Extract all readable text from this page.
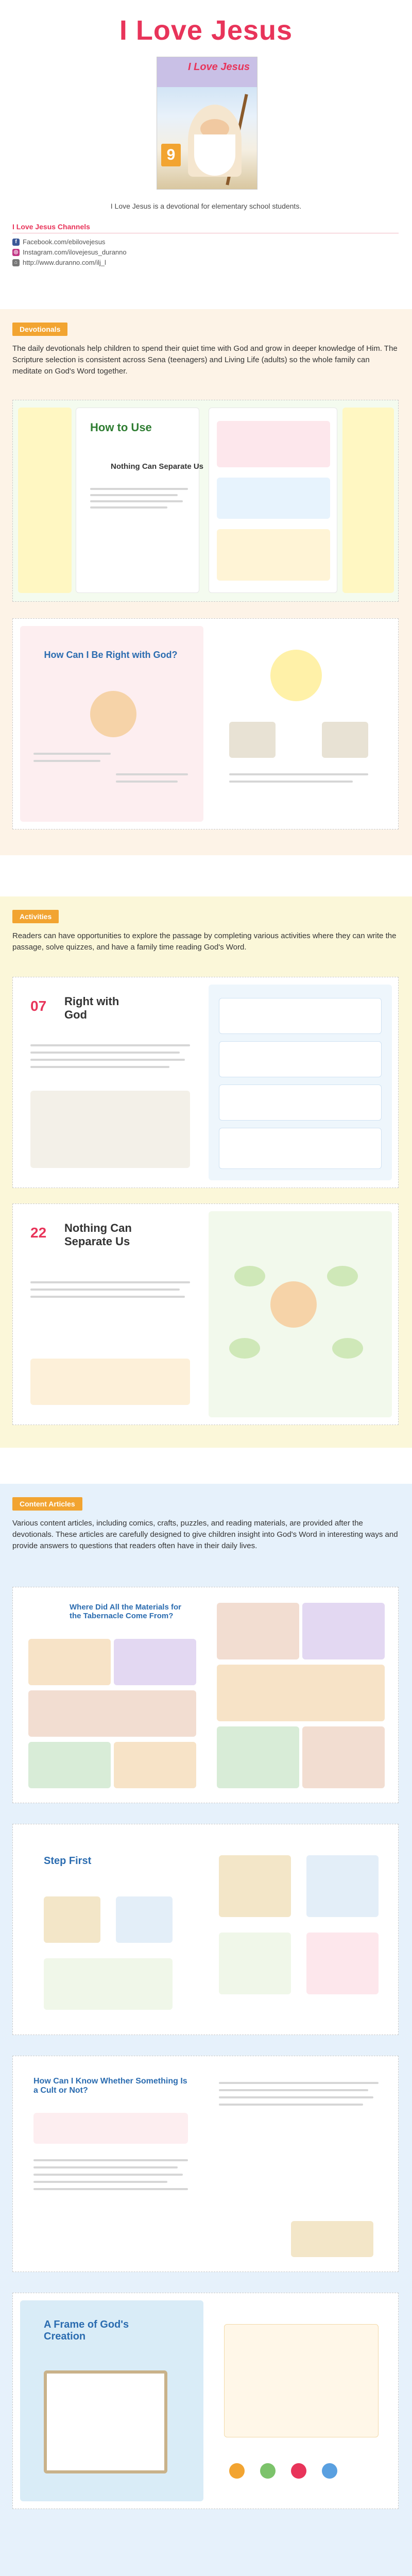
I Love Jesus
I Love Jesus
9
I Love Jesus is a devotional for elementary school students.
I Love Jesus Channels
f Facebook.com/ebilovejesus
◎ Instagram.com/ilovejesus_duranno
⌂ http://www.duranno.com/ilj_l
Devotionals
The daily devotionals help children to spend their quiet time with God and grow in deeper knowledge of Him. The Scripture selection is consistent across Sena (teenagers) and Living Life (adults) so the whole family can meditate on God's Word together.
How to Use
Nothing Can Separate Us
How Can I Be Right with God?
Activities
Readers can have opportunities to explore the passage by completing various activities where they can write the passage, solve quizzes, and have a family time reading God's Word.
07 Right with God
22 Nothing Can Separate Us
Content Articles
Various content articles, including comics, crafts, puzzles, and reading materials, are provided after the devotionals. These articles are carefully designed to give children insight into God's Word in interesting ways and provide answers to questions that readers often have in their daily lives.
Where Did All the Materials for the Tabernacle Come From?
Step First
How Can I Know Whether Something Is a Cult or Not?
A Frame of God's Creation
